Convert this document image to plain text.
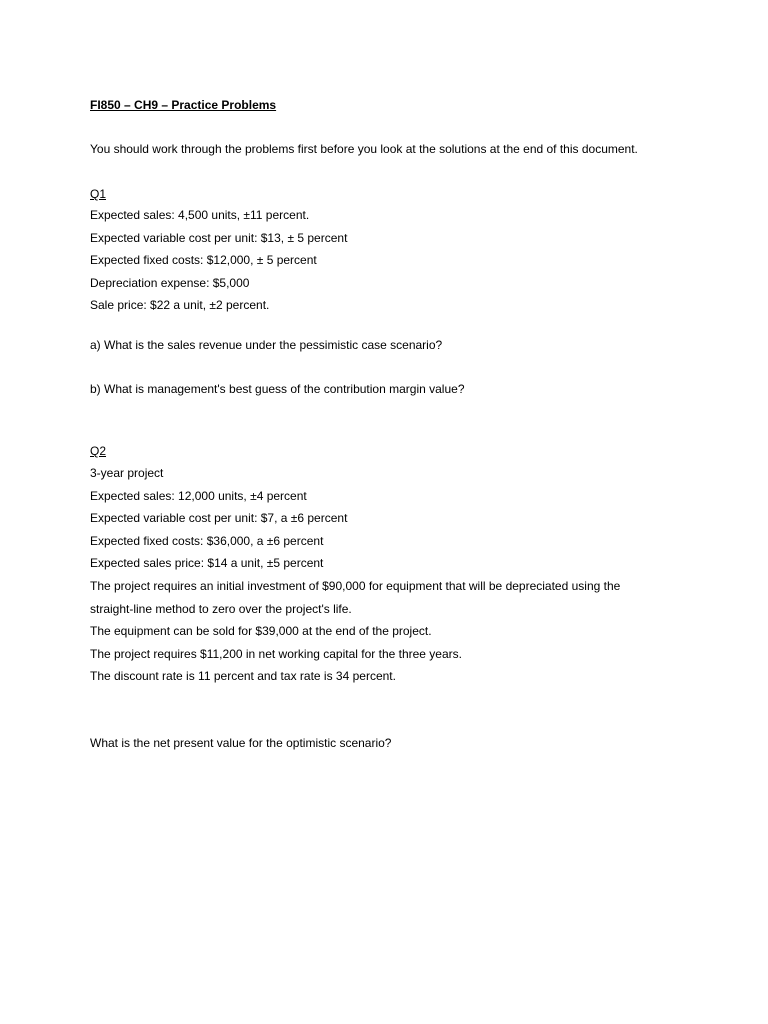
FI850 – CH9 – Practice Problems
You should work through the problems first before you look at the solutions at the end of this document.
Q1
Expected sales: 4,500 units, ±11 percent.
Expected variable cost per unit: $13, ± 5 percent
Expected fixed costs: $12,000, ± 5 percent
Depreciation expense: $5,000
Sale price: $22 a unit, ±2 percent.
a) What is the sales revenue under the pessimistic case scenario?
b) What is management's best guess of the contribution margin value?
Q2
3-year project
Expected sales: 12,000 units, ±4 percent
Expected variable cost per unit: $7, a ±6 percent
Expected fixed costs: $36,000, a ±6 percent
Expected sales price: $14 a unit, ±5 percent
The project requires an initial investment of $90,000 for equipment that will be depreciated using the
straight-line method to zero over the project's life.
The equipment can be sold for $39,000 at the end of the project.
The project requires $11,200 in net working capital for the three years.
The discount rate is 11 percent and tax rate is 34 percent.
What is the net present value for the optimistic scenario?
